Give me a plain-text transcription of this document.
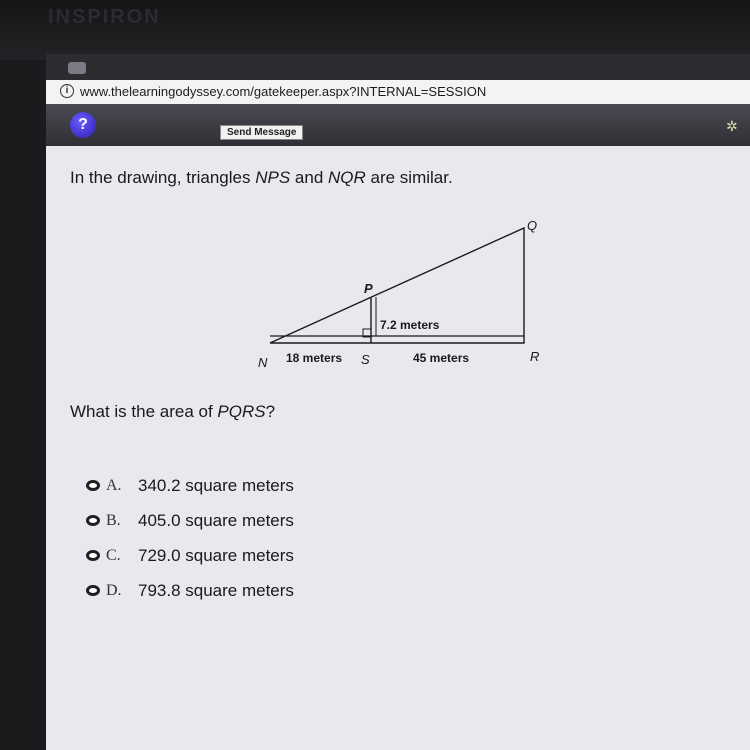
INSPIRON
i www.thelearningodyssey.com/gatekeeper.aspx?INTERNAL=SESSION
?	Send Message	✲
In the drawing, triangles NPS and NQR are similar.
N 18 meters S	45 meters	R
P
7.2 meters
Q
What is the area of PQRS?
A. 340.2 square meters
B.	405.0 square meters
C.	729.0 square meters
D. 793.8 square meters
